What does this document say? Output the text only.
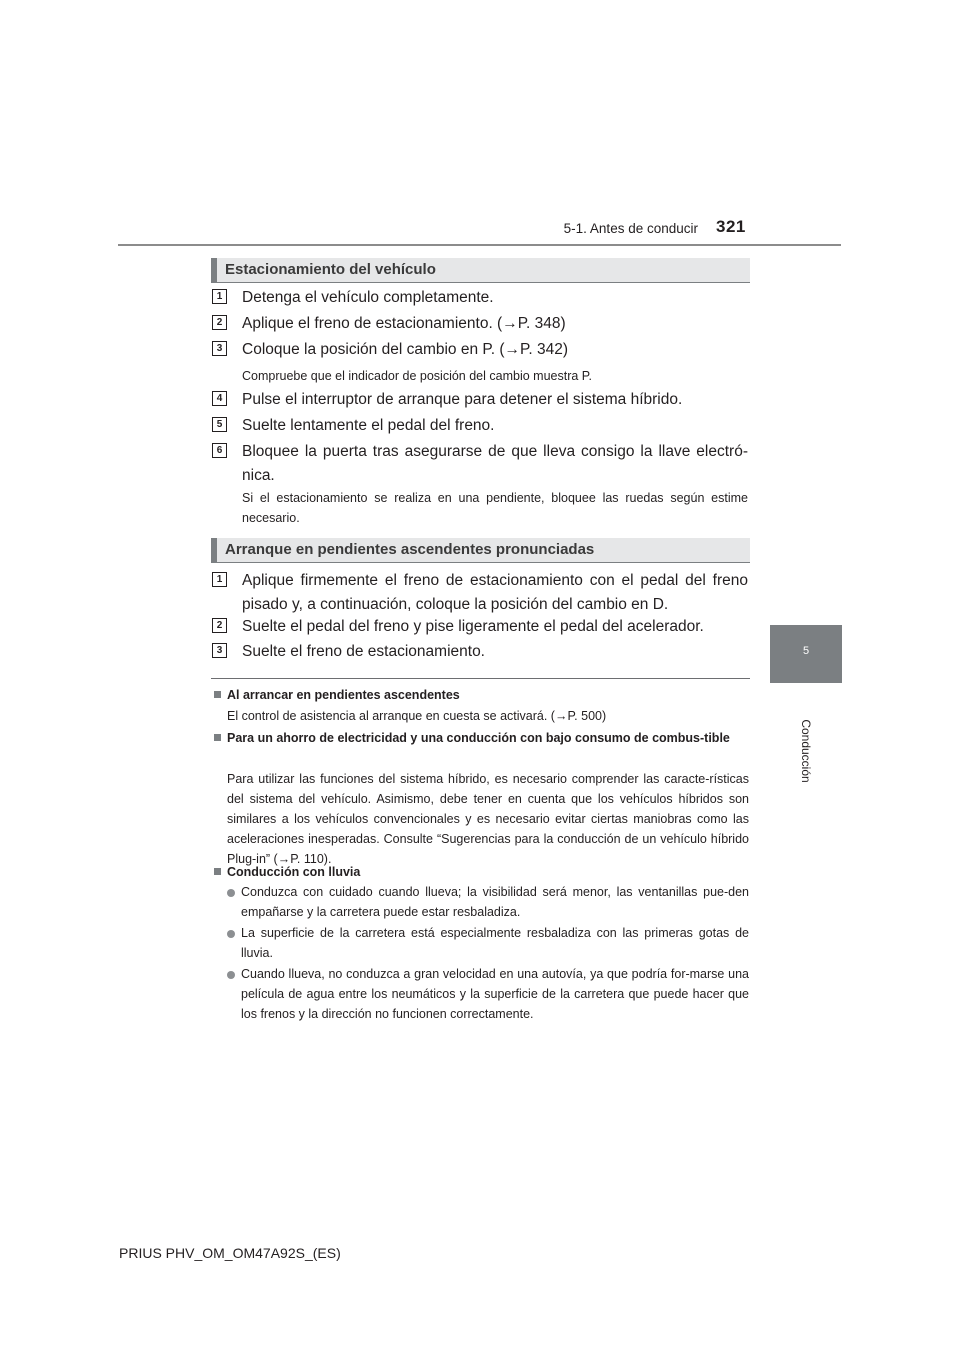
5-1. Antes de conducir 321
5
Conducción
Estacionamiento del vehículo
1	Detenga el vehículo completamente.
2	Aplique el freno de estacionamiento. (→P. 348)
3	Coloque la posición del cambio en P. (→P. 342)
Compruebe que el indicador de posición del cambio muestra P.
4	Pulse el interruptor de arranque para detener el sistema híbrido.
5	Suelte lentamente el pedal del freno.
6	Bloquee la puerta tras asegurarse de que lleva consigo la llave electró-nica.
Si el estacionamiento se realiza en una pendiente, bloquee las ruedas según estime necesario.
Arranque en pendientes ascendentes pronunciadas
1	Aplique firmemente el freno de estacionamiento con el pedal del freno pisado y, a continuación, coloque la posición del cambio en D.
2	Suelte el pedal del freno y pise ligeramente el pedal del acelerador.
3	Suelte el freno de estacionamiento.
Al arrancar en pendientes ascendentes
El control de asistencia al arranque en cuesta se activará. (→P. 500)
Para un ahorro de electricidad y una conducción con bajo consumo de combus-tible
Para utilizar las funciones del sistema híbrido, es necesario comprender las caracte-rísticas del sistema del vehículo. Asimismo, debe tener en cuenta que los vehículos híbridos son similares a los vehículos convencionales y es necesario evitar ciertas maniobras como las aceleraciones inesperadas. Consulte “Sugerencias para la conducción de un vehículo híbrido Plug-in” (→P. 110).
Conducción con lluvia
Conduzca con cuidado cuando llueva; la visibilidad será menor, las ventanillas pue-den empañarse y la carretera puede estar resbaladiza.
La superficie de la carretera está especialmente resbaladiza con las primeras gotas de lluvia.
Cuando llueva, no conduzca a gran velocidad en una autovía, ya que podría for-marse una película de agua entre los neumáticos y la superficie de la carretera que puede hacer que los frenos y la dirección no funcionen correctamente.
PRIUS PHV_OM_OM47A92S_(ES)
